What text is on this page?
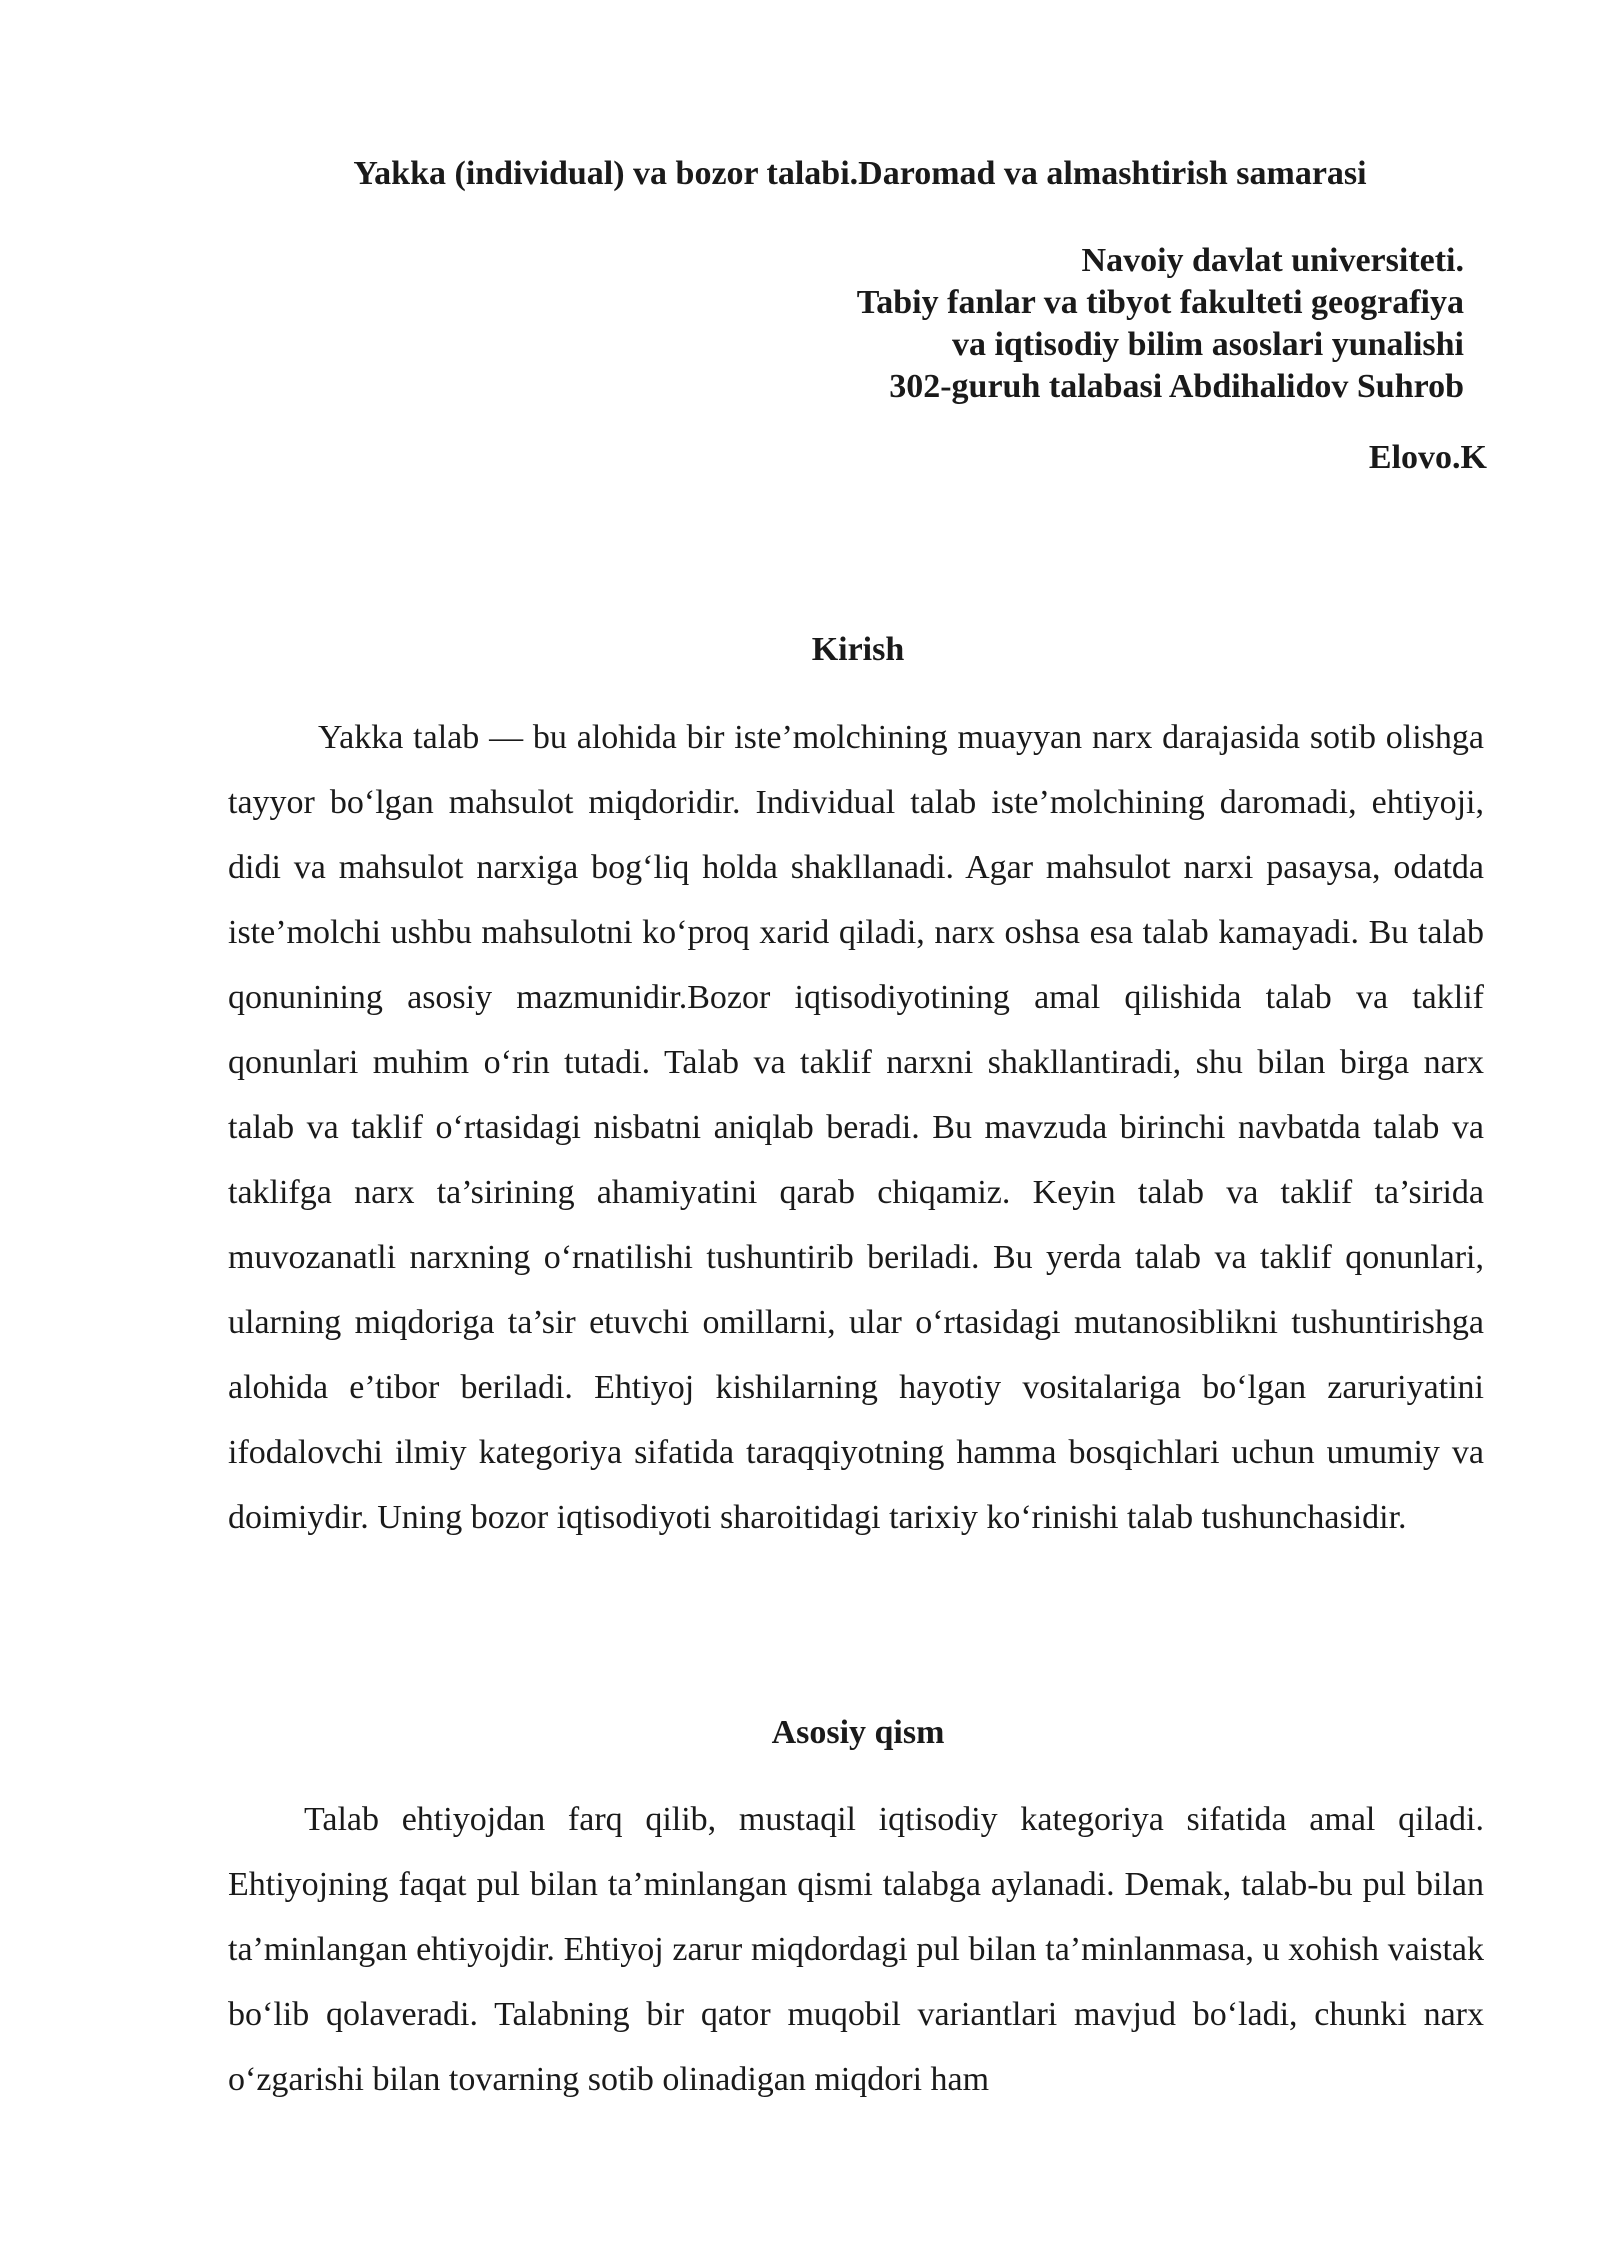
Yakka (individual) va bozor talabi.Daromad va almashtirish samarasi
Navoiy davlat universiteti.
Tabiy fanlar va tibyot fakulteti geografiya
va iqtisodiy bilim asoslari yunalishi
302-guruh talabasi Abdihalidov Suhrob
Elovo.K
Kirish

Yakka talab — bu alohida bir iste’molchining muayyan narx darajasida sotib olishga tayyor bo‘lgan mahsulot miqdoridir. Individual talab iste’molchining daromadi, ehtiyoji, didi va mahsulot narxiga bog‘liq holda shakllanadi. Agar mahsulot narxi pasaysa, odatda iste’molchi ushbu mahsulotni ko‘proq xarid qiladi, narx oshsa esa talab kamayadi. Bu talab qonunining asosiy mazmunidir.Bozor iqtisodiyotining amal qilishida talab va taklif qonunlari muhim o‘rin tutadi. Talab va taklif narxni shakllantiradi, shu bilan birga narx talab va taklif o‘rtasidagi nisbatni aniqlab beradi. Bu mavzuda birinchi navbatda talab va taklifga narx ta’sirining ahamiyatini qarab chiqamiz. Keyin talab va taklif ta’sirida muvozanatli narxning o‘rnatilishi tushuntirib beriladi. Bu yerda talab va taklif qonunlari, ularning miqdoriga ta’sir etuvchi omillarni, ular o‘rtasidagi mutanosiblikni tushuntirishga alohida e’tibor beriladi. Ehtiyoj kishilarning hayotiy vositalariga bo‘lgan zaruriyatini ifodalovchi ilmiy kategoriya sifatida taraqqiyotning hamma bosqichlari uchun umumiy va doimiydir. Uning bozor iqtisodiyoti sharoitidagi tarixiy ko‘rinishi talab tushunchasidir.

Asosiy qism

Talab ehtiyojdan farq qilib, mustaqil iqtisodiy kategoriya sifatida amal qiladi. Ehtiyojning faqat pul bilan ta’minlangan qismi talabga aylanadi. Demak, talab-bu pul bilan ta’minlangan ehtiyojdir. Ehtiyoj zarur miqdordagi pul bilan ta’minlanmasa, u xohish vaistak bo‘lib qolaveradi. Talabning bir qator muqobil variantlari mavjud bo‘ladi, chunki narx o‘zgarishi bilan tovarning sotib olinadigan miqdori ham
